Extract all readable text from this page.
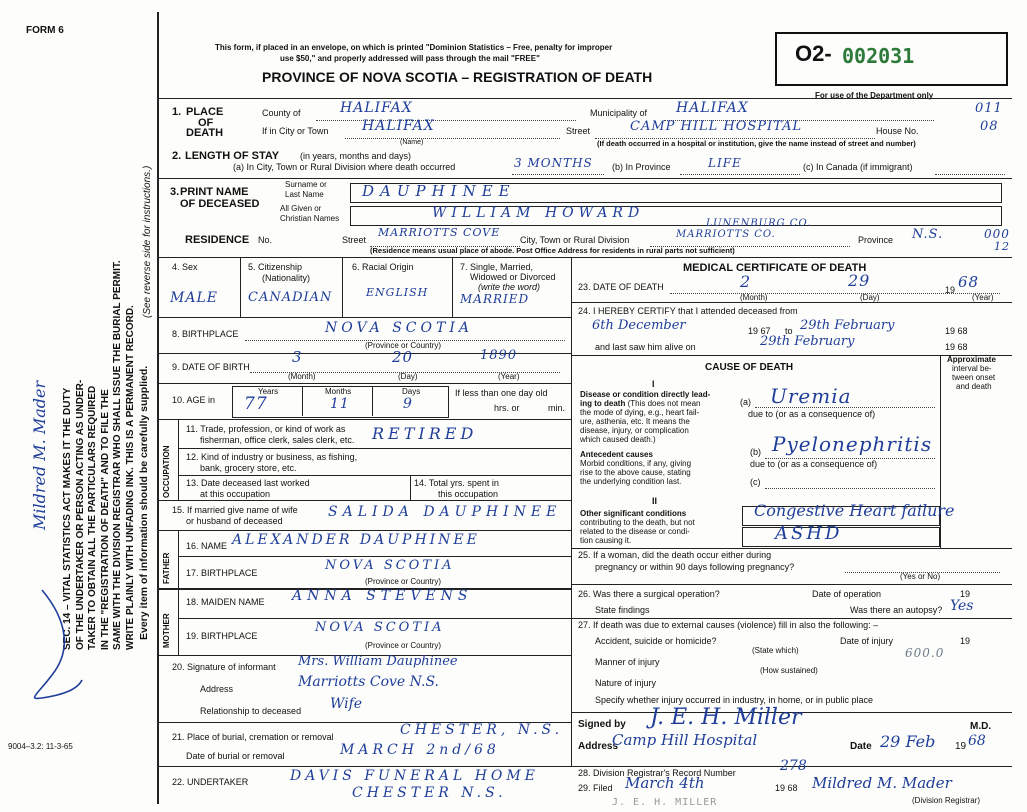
FORM 6
This form, if placed in an envelope, on which is printed "Dominion Statistics – Free, penalty for improper
use $50," and properly addressed will pass through the mail "FREE"
PROVINCE OF NOVA SCOTIA – REGISTRATION OF DEATH
O2- 002031
For use of the Department only
SEC. 14 – VITAL STATISTICS ACT MAKES IT THE DUTY OF THE UNDERTAKER OR PERSON ACTING AS UNDER- TAKER TO OBTAIN ALL THE PARTICULARS REQUIRED IN THE "REGISTRATION OF DEATH" AND TO FILE THE SAME WITH THE DIVISION REGISTRAR WHO SHALL ISSUE THE BURIAL PERMIT. WRITE PLAINLY WITH UNFADING INK. THIS IS A PERMANENT RECORD. Every item of information should be carefully supplied.
(See reverse side for instructions.)
Mildred M. Mader
9004–3.2: 11-3-65
1. PLACE
OF
DEATH
County of	HALIFAX	Municipality of HALIFAX	011
If in City or Town HALIFAX
(Name)
Street	CAMP HILL HOSPITAL	House No.	08
(If death occurred in a hospital or institution, give the name instead of street and number)
2. LENGTH OF STAY (in years, months and days)
(a) In City, Town or Rural Division where death occurred	3 MONTHS (b) In Province	LIFE	(c) In Canada (if immigrant)
3. PRINT NAME
OF DECEASED
Surname or
Last Name	DAUPHINEE
All Given or
Christian Names	WILLIAM HOWARD
RESIDENCE No.	Street
MARRIOTTS COVE
City, Town or Rural Division
LUNENBURG CO.
MARRIOTTS CO.	Province N.S.	000
12
(Residence means usual place of abode. Post Office Address for residents in rural parts not sufficient)
4. Sex
MALE
5. Citizenship
(Nationality)
CANADIAN
6. Racial Origin
ENGLISH
7. Single, Married,
Widowed or Divorced
(write the word)
MARRIED
8. BIRTHPLACE	NOVA SCOTIA
(Province or Country)
9. DATE OF BIRTH
3	20	1890
(Month)	(Day)	(Year)
10. AGE in
Years	Months	Days
77	11	9
If less than one day old
hrs. or	min.
OCCUPATION
11. Trade, profession, or kind of work as
fisherman, office clerk, sales clerk, etc. RETIRED
12. Kind of industry or business, as fishing,
bank, grocery store, etc.
13. Date deceased last worked
at this occupation
14. Total yrs. spent in
this occupation
15. If married give name of wife
or husband of deceased
SALIDA DAUPHINEE
FATHER
MOTHER
16. NAME ALEXANDER DAUPHINEE
17. BIRTHPLACE	NOVA SCOTIA
(Province or Country)
18. MAIDEN NAME ANNA STEVENS
19. BIRTHPLACE
NOVA SCOTIA
(Province or Country)
20. Signature of informant Mrs. William Dauphinee
Address	Marriotts Cove N.S.
Relationship to deceased Wife
21. Place of burial, cremation or removal	CHESTER, N.S.
Date of burial or removal	MARCH 2nd/68
22. UNDERTAKER	DAVIS FUNERAL HOME
CHESTER N.S.
MEDICAL CERTIFICATE OF DEATH
23. DATE OF DEATH	2	29	19 68
(Month)	(Day)	(Year)
24. I HEREBY CERTIFY that I attended deceased from
6th December	19 67 to 29th February	19 68
and last saw him alive on	29th February	19 68
CAUSE OF DEATH
Approximate
interval be-
tween onset
and death
I
Disease or condition directly lead-
ing to death (This does not mean
the mode of dying, e.g., heart fail-
ure, asthenia, etc. It means the
disease, injury, or complication
which caused death.)
(a) Uremia
due to (or as a consequence of)
Antecedent causes
Morbid conditions, if any, giving
rise to the above cause, stating
the underlying condition last.
(b) Pyelonephritis
due to (or as a consequence of)
(c)
II
Other significant conditions
contributing to the death, but not
related to the disease or condi-
tion causing it.
Congestive Heart failure
ASHD
25. If a woman, did the death occur either during
pregnancy or within 90 days following pregnancy?
(Yes or No)
26. Was there a surgical operation?	Date of operation	19
State findings	Was there an autopsy? Yes
27. If death was due to external causes (violence) fill in also the following: –
Accident, suicide or homicide?	Date of injury	19
(State which)
Manner of injury
600.0
(How sustained)
Nature of injury
Specify whether injury occurred in industry, in home, or in public place
Signed by J. E. H. Miller	M.D.
Address
Camp Hill Hospital	Date 29 Feb 19 68
28. Division Registrar's Record Number	278
29. Filed March 4th	19 68 Mildred M. Mader
(Division Registrar)
J. E. H. MILLER
